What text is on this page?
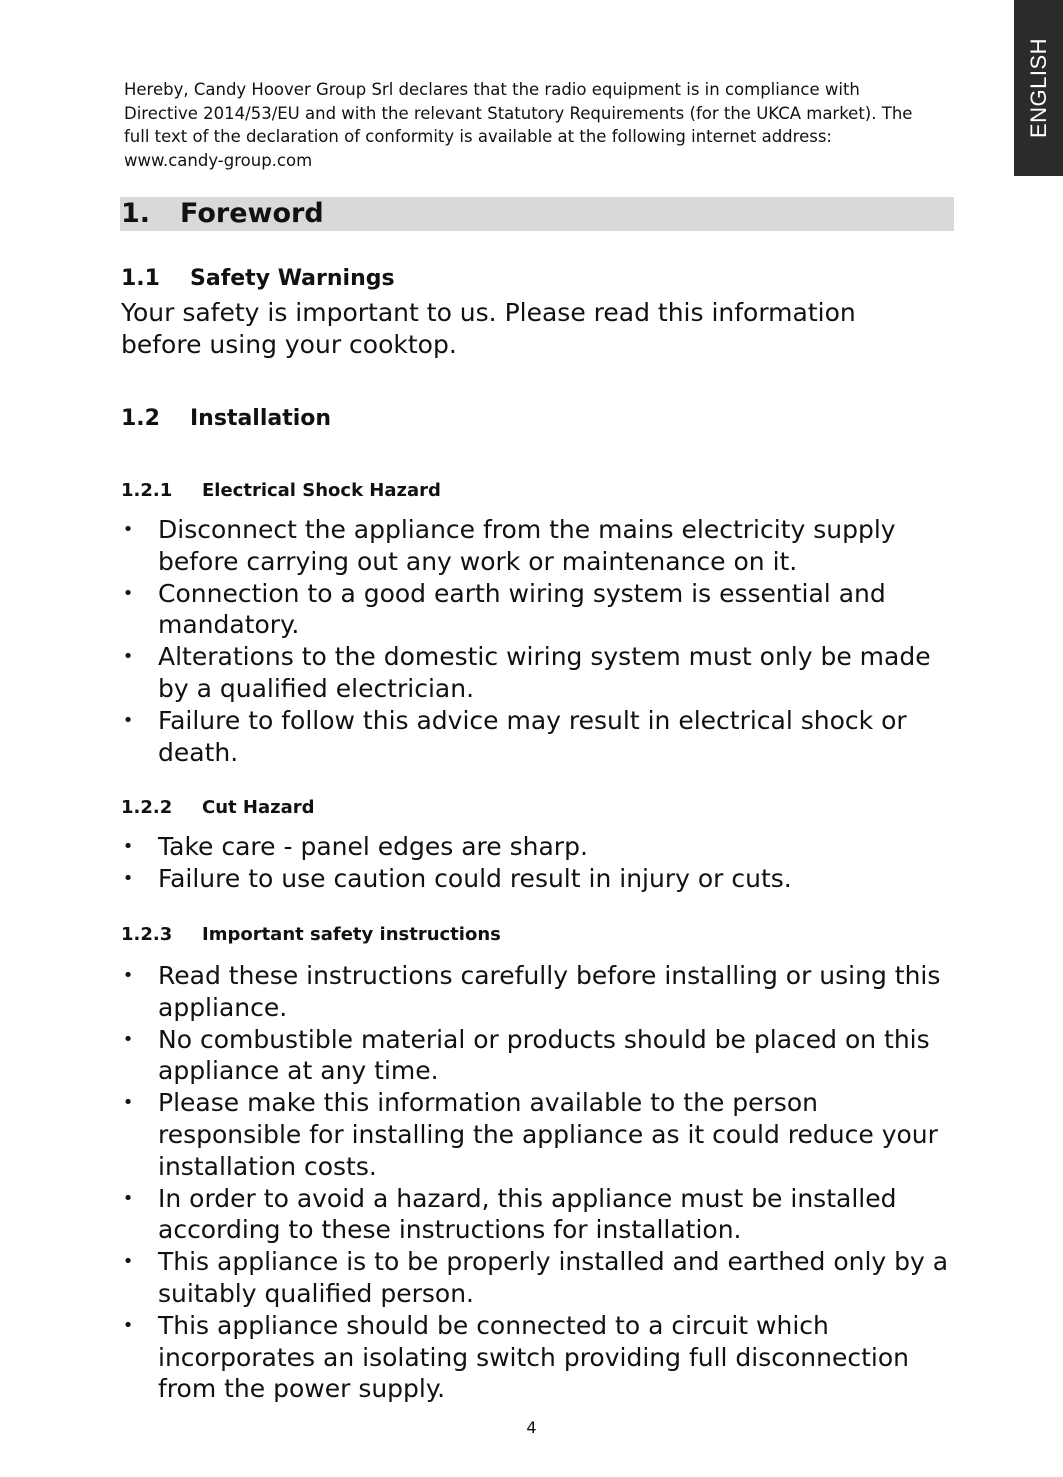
ENGLISH

Hereby, Candy Hoover Group Srl declares that the radio equipment is in compliance with Directive 2014/53/EU and with the relevant Statutory Requirements (for the UKCA market). The full text of the declaration of conformity is available at the following internet address: www.candy-group.com

1. Foreword

1.1 Safety Warnings

Your safety is important to us. Please read this information before using your cooktop.

1.2 Installation

1.2.1 Electrical Shock Hazard

• Disconnect the appliance from the mains electricity supply before carrying out any work or maintenance on it.
• Connection to a good earth wiring system is essential and mandatory.
• Alterations to the domestic wiring system must only be made by a qualified electrician.
• Failure to follow this advice may result in electrical shock or death.

1.2.2 Cut Hazard

• Take care - panel edges are sharp.
• Failure to use caution could result in injury or cuts.

1.2.3 Important safety instructions

• Read these instructions carefully before installing or using this appliance.
• No combustible material or products should be placed on this appliance at any time.
• Please make this information available to the person responsible for installing the appliance as it could reduce your installation costs.
• In order to avoid a hazard, this appliance must be installed according to these instructions for installation.
• This appliance is to be properly installed and earthed only by a suitably qualified person.
• This appliance should be connected to a circuit which incorporates an isolating switch providing full disconnection from the power supply.

4
